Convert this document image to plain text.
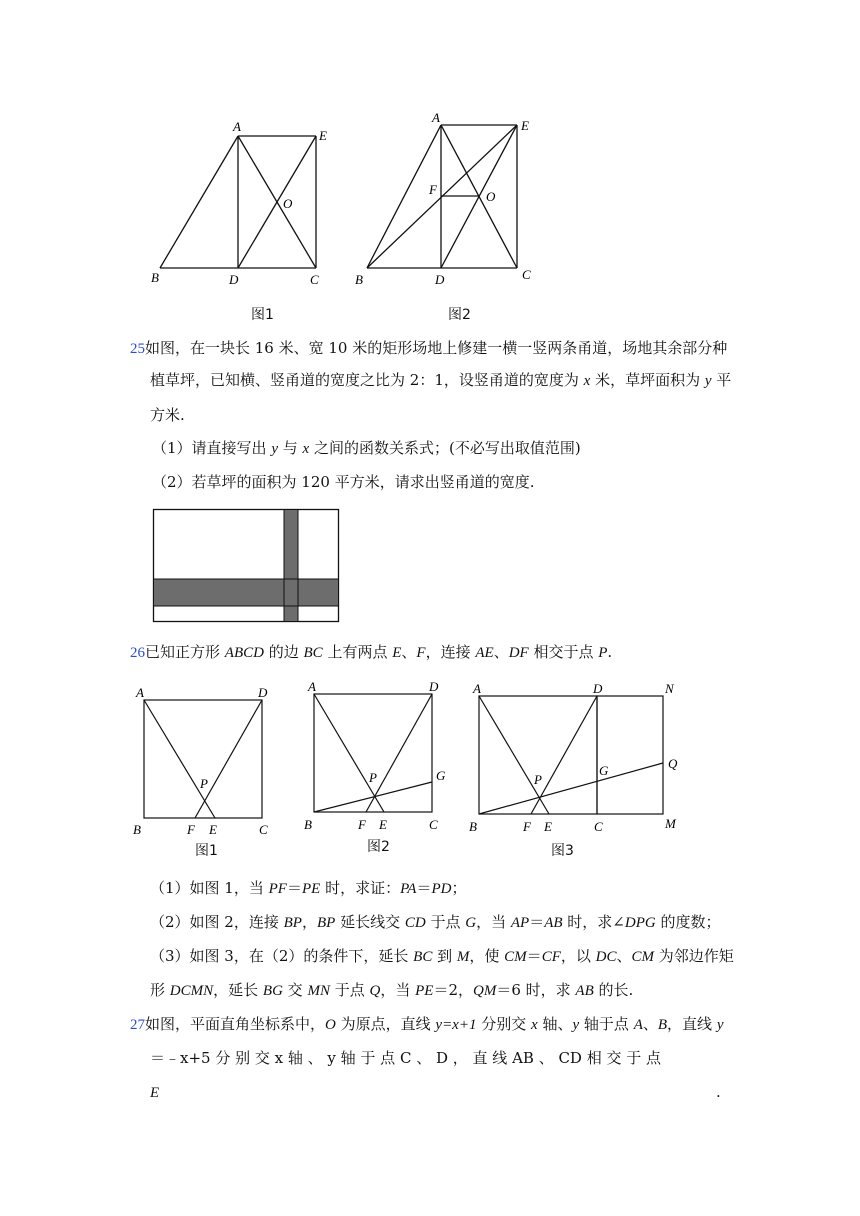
A
E
O
B	D	C
A
E
F	O
B	D	C
图1	图2
25如图，在一块长 16 米、宽 10 米的矩形场地上修建一横一竖两条甬道，场地其余部分种
植草坪，已知横、竖甬道的宽度之比为 2：1，设竖甬道的宽度为 x 米，草坪面积为 y 平
方米.
（1）请直接写出 y 与 x 之间的函数关系式；(不必写出取值范围)
（2）若草坪的面积为 120 平方米，请求出竖甬道的宽度.
26已知正方形 ABCD 的边 BC 上有两点 E、F，连接 AE、DF 相交于点 P.
A	D
P
B	F E	C
A	D
P	G
B	F E	C
A	D	N
P
G	Q
B	F E	C	M
图1	图2	图3
（1）如图 1，当 PF＝PE 时，求证：PA＝PD；
（2）如图 2，连接 BP，BP 延长线交 CD 于点 G，当 AP＝AB 时，求∠DPG 的度数；
（3）如图 3，在（2）的条件下，延长 BC 到 M，使 CM＝CF，以 DC、CM 为邻边作矩
形 DCMN，延长 BG 交 MN 于点 Q，当 PE＝2，QM＝6 时，求 AB 的长.
27如图，平面直角坐标系中，O 为原点，直线 y=x+1 分别交 x 轴、y 轴于点 A、B，直线 y
＝﹣x+5 分 别 交 x 轴 、 y 轴 于 点 C 、 D ， 直 线 AB 、 CD 相 交 于 点
E	.
